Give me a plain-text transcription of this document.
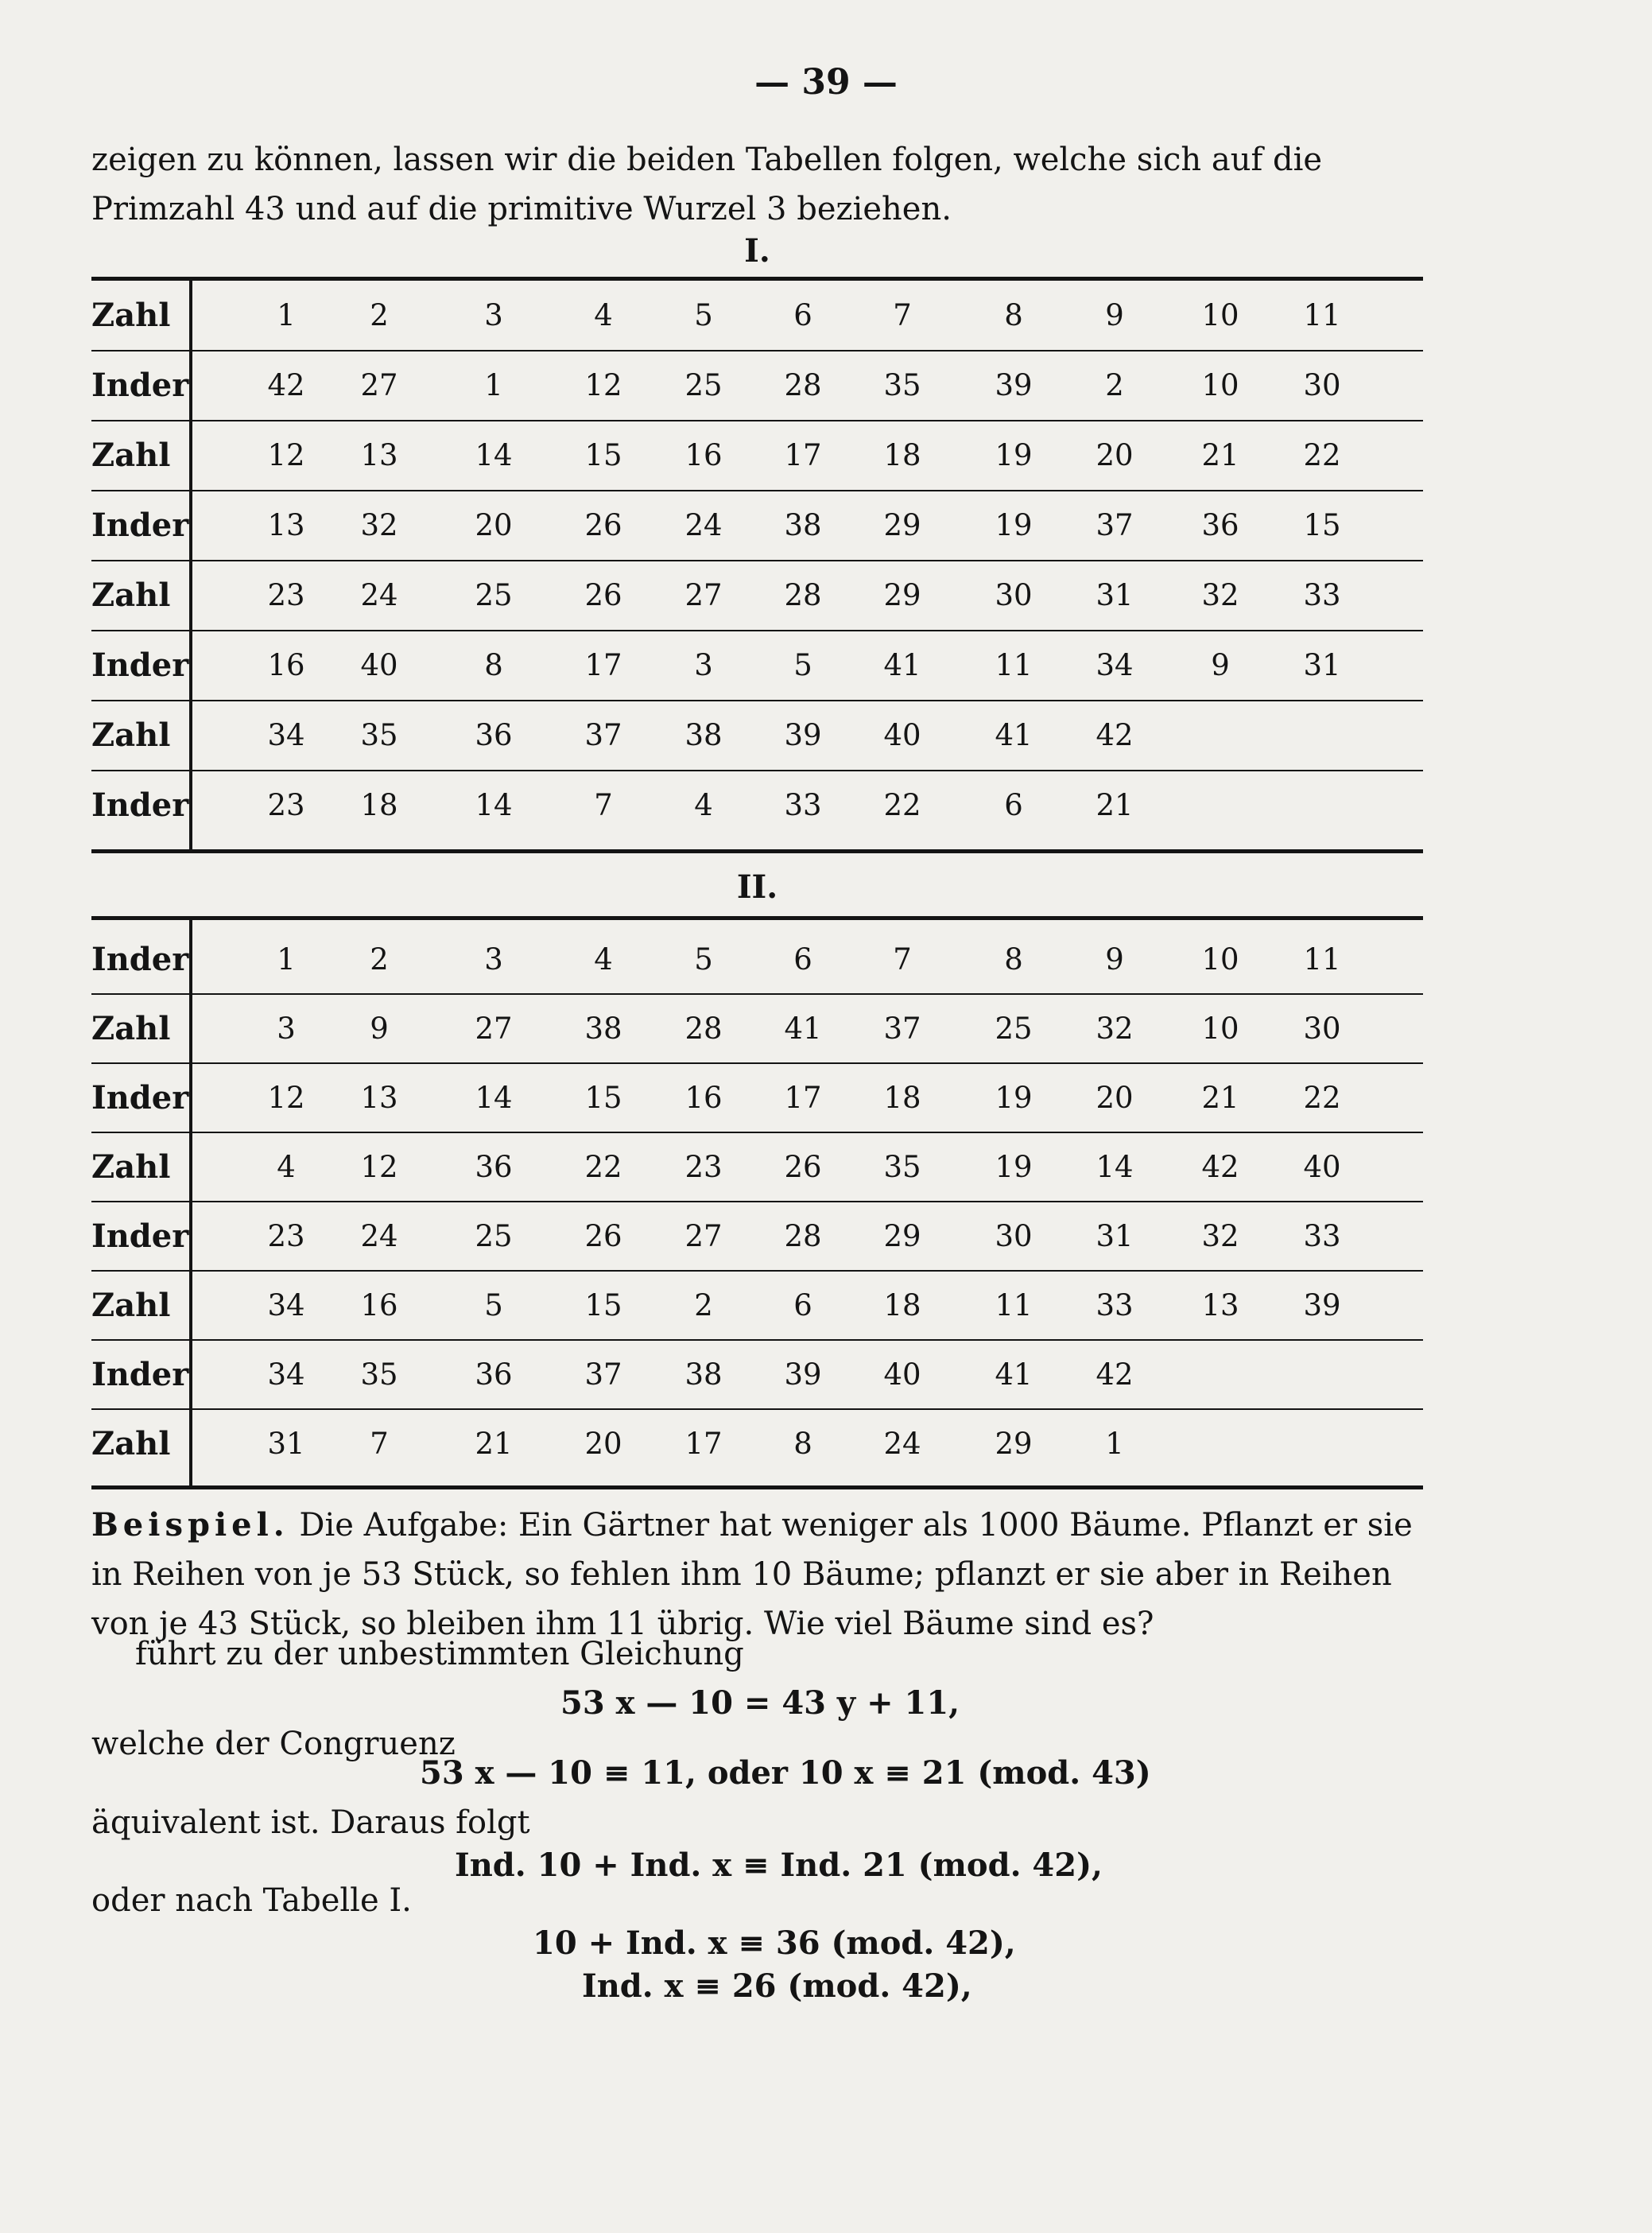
— 39 —
zeigen zu können, lassen wir die beiden Tabellen folgen, welche sich auf die Primzahl 43 und auf die primitive Wurzel 3 beziehen.
I.
Zahl	1	2	3	4	5	6	7	8	9	10	11
Inder	42	27	1	12	25	28	35	39	2	10	30
Zahl	12	13	14	15	16	17	18	19	20	21	22
Inder	13	32	20	26	24	38	29	19	37	36	15
Zahl	23	24	25	26	27	28	29	30	31	32	33
Inder	16	40	8	17	3	5	41	11	34	9	31
Zahl	34	35	36	37	38	39	40	41	42
Inder	23	18	14	7	4	33	22	6	21
II.
Inder	1	2	3	4	5	6	7	8	9	10	11
Zahl	3	9	27	38	28	41	37	25	32	10	30
Inder	12	13	14	15	16	17	18	19	20	21	22
Zahl	4	12	36	22	23	26	35	19	14	42	40
Inder	23	24	25	26	27	28	29	30	31	32	33
Zahl	34	16	5	15	2	6	18	11	33	13	39
Inder	34	35	36	37	38	39	40	41	42
Zahl	31	7	21	20	17	8	24	29	1
Beispiel. Die Aufgabe: Ein Gärtner hat weniger als 1000 Bäume. Pflanzt er sie in Reihen von je 53 Stück, so fehlen ihm 10 Bäume; pflanzt er sie aber in Reihen von je 43 Stück, so bleiben ihm 11 übrig. Wie viel Bäume sind es?
führt zu der unbestimmten Gleichung
53 x — 10 = 43 y + 11,
welche der Congruenz
53 x — 10 ≡ 11, oder 10 x ≡ 21 (mod. 43)
äquivalent ist. Daraus folgt
Ind. 10 + Ind. x ≡ Ind. 21 (mod. 42),
oder nach Tabelle I.
10 + Ind. x ≡ 36 (mod. 42),
Ind. x ≡ 26 (mod. 42),
